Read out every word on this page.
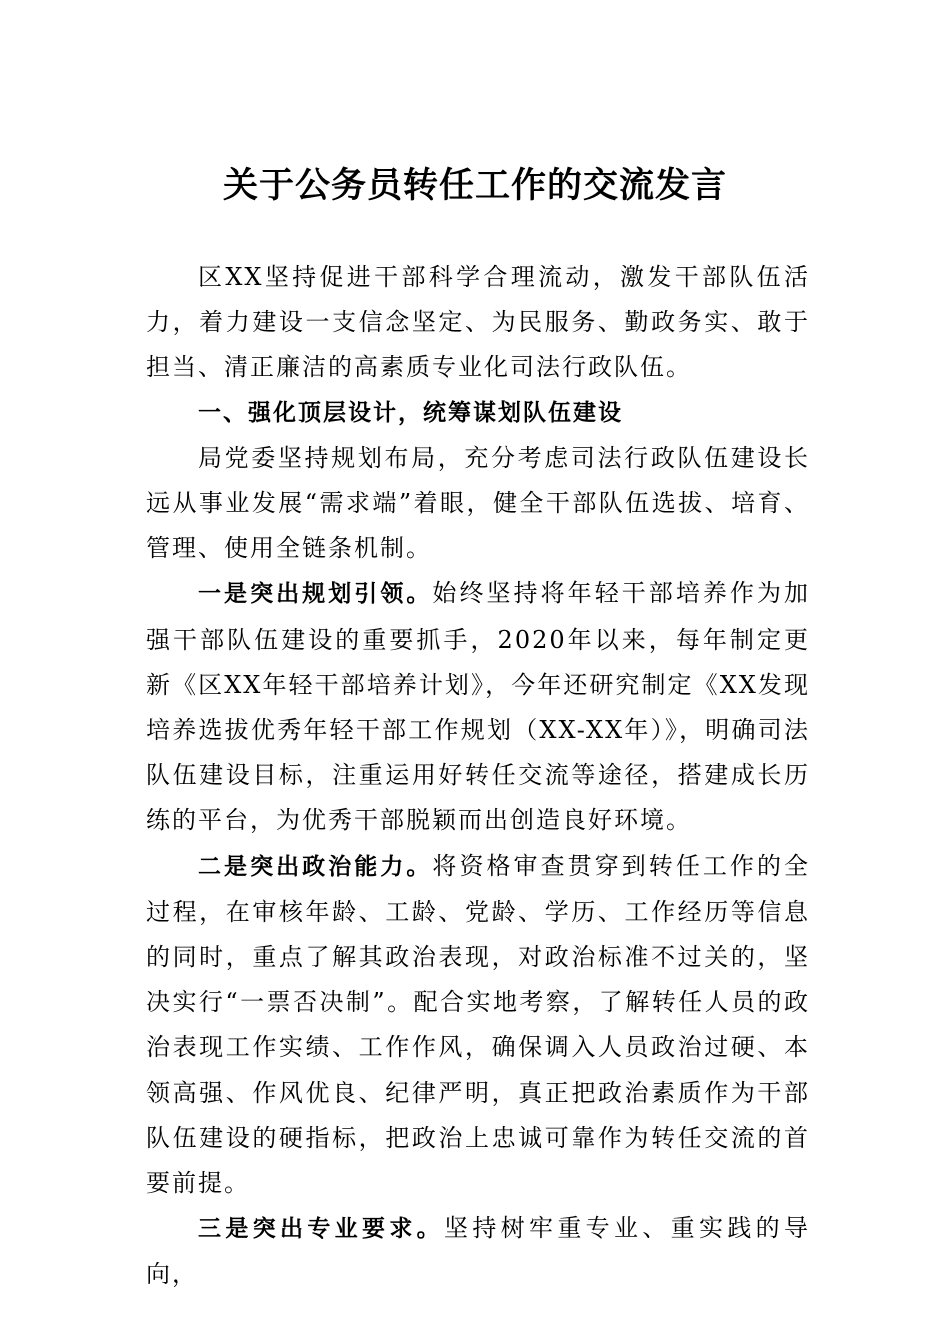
关于公务员转任工作的交流发言

区XX坚持促进干部科学合理流动，激发干部队伍活力，着力建设一支信念坚定、为民服务、勤政务实、敢于担当、清正廉洁的高素质专业化司法行政队伍。

一、强化顶层设计，统筹谋划队伍建设

局党委坚持规划布局，充分考虑司法行政队伍建设长远从事业发展“需求端”着眼，健全干部队伍选拔、培育、管理、使用全链条机制。

一是突出规划引领。始终坚持将年轻干部培养作为加强干部队伍建设的重要抓手，2020年以来，每年制定更新《区XX年轻干部培养计划》，今年还研究制定《XX发现培养选拔优秀年轻干部工作规划（XX-XX年）》，明确司法队伍建设目标，注重运用好转任交流等途径，搭建成长历练的平台，为优秀干部脱颖而出创造良好环境。

二是突出政治能力。将资格审查贯穿到转任工作的全过程，在审核年龄、工龄、党龄、学历、工作经历等信息的同时，重点了解其政治表现，对政治标准不过关的，坚决实行“一票否决制”。配合实地考察，了解转任人员的政治表现工作实绩、工作作风，确保调入人员政治过硬、本领高强、作风优良、纪律严明，真正把政治素质作为干部队伍建设的硬指标，把政治上忠诚可靠作为转任交流的首要前提。

三是突出专业要求。坚持树牢重专业、重实践的导向，
